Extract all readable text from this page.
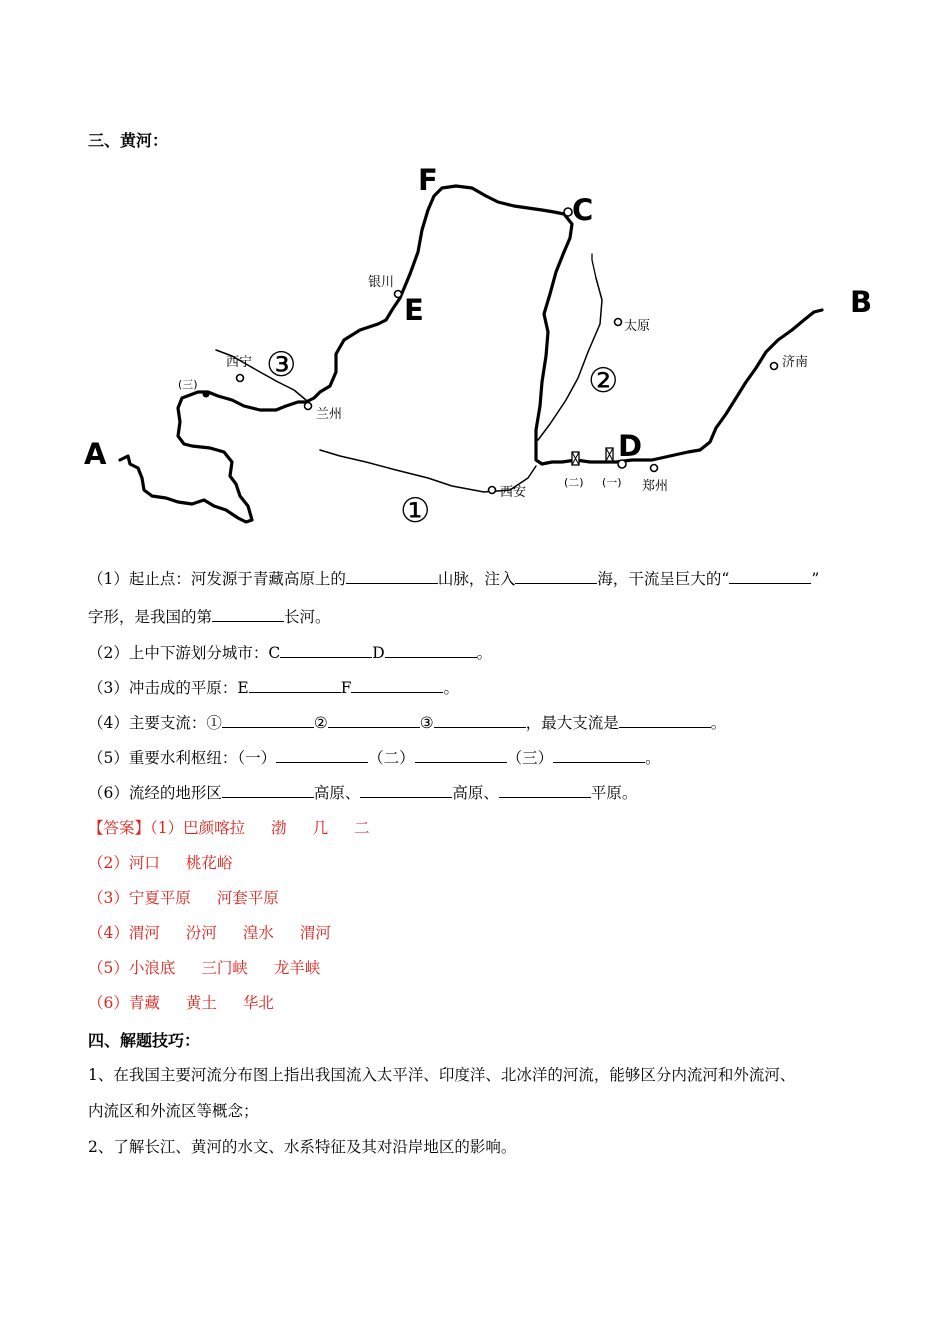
三、黄河：
A
B
C
D
E
F
①
②
③
(一)
(二)
(三)
银川
西宁
兰州
太原
西安	郑州
济南
（1）起止点：河发源于青藏高原上的	山脉，注入	海，干流呈巨大的“	”
字形，是我国的第	长河。
（2）上中下游划分城市：C	D	。
（3）冲击成的平原：E	F	。
（4）主要支流：①	②	③	，最大支流是	。
（5）重要水利枢纽：（一）	（二）	（三）	。
（6）流经的地形区	高原、	高原、	平原。
【答案】（1）巴颜喀拉 渤 几 二
（2）河口 桃花峪
（3）宁夏平原 河套平原
（4）渭河 汾河 湟水 渭河
（5）小浪底 三门峡 龙羊峡
（6）青藏 黄土 华北
四、解题技巧：
1、在我国主要河流分布图上指出我国流入太平洋、印度洋、北冰洋的河流，能够区分内流河和外流河、
内流区和外流区等概念；
2、了解长江、黄河的水文、水系特征及其对沿岸地区的影响。
